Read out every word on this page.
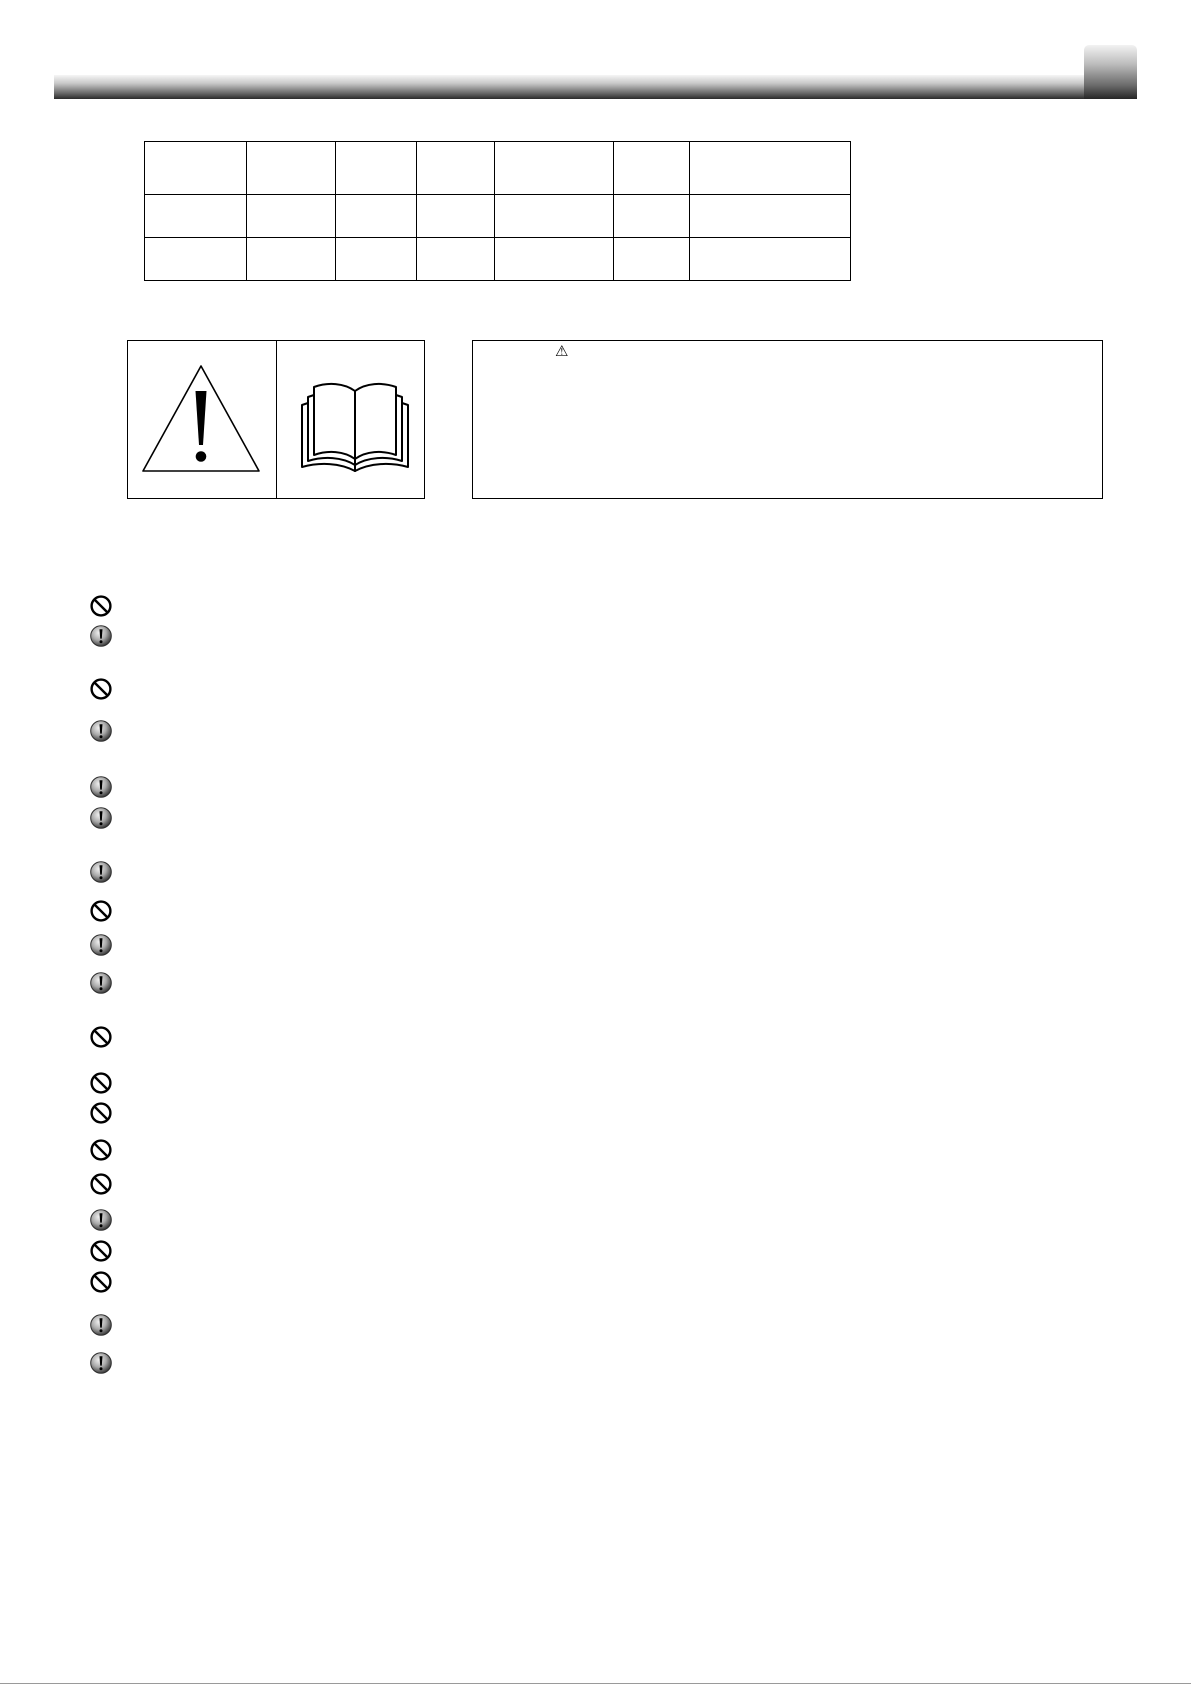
⚠
